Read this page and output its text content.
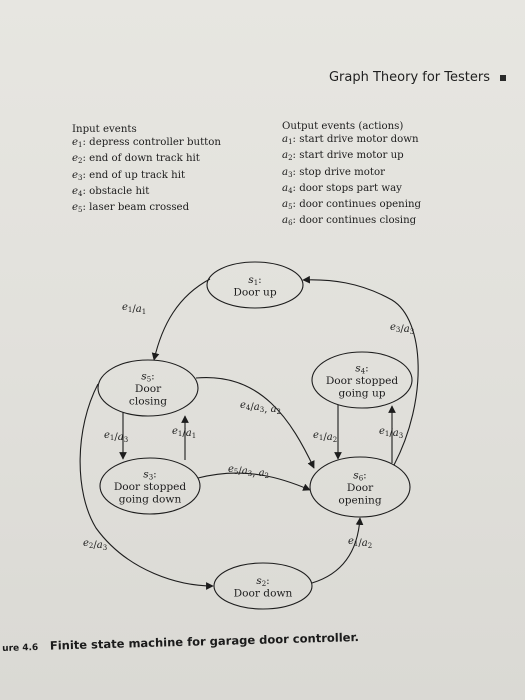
Graph Theory for Testers
Input events
$e_1$: depress controller button
$e_2$: end of down track hit
$e_3$: end of up track hit
$e_4$: obstacle hit
$e_5$: laser beam crossed
Output events (actions)
$a_1$: start drive motor down
$a_2$: start drive motor up
$a_3$: stop drive motor
$a_4$: door stops part way
$a_5$: door continues opening
$a_6$: door continues closing
s1:
Door up
s5:
Door
closing
s4:
Door stopped
going up
s3:
Door stopped
going down
s6:
Door
opening
s2:
Door down
$e_1/a_1$
$e_3/a_3$
$e_4/a_3$, $a_2$
$e_1/a_3$
$e_1/a_1$	$e_1/a_2$
$e_1/a_3$
$e_5/a_3$, $a_2$
$e_2/a_3$
$e_1/a_2$
ure 4.6 Finite state machine for garage door controller.
